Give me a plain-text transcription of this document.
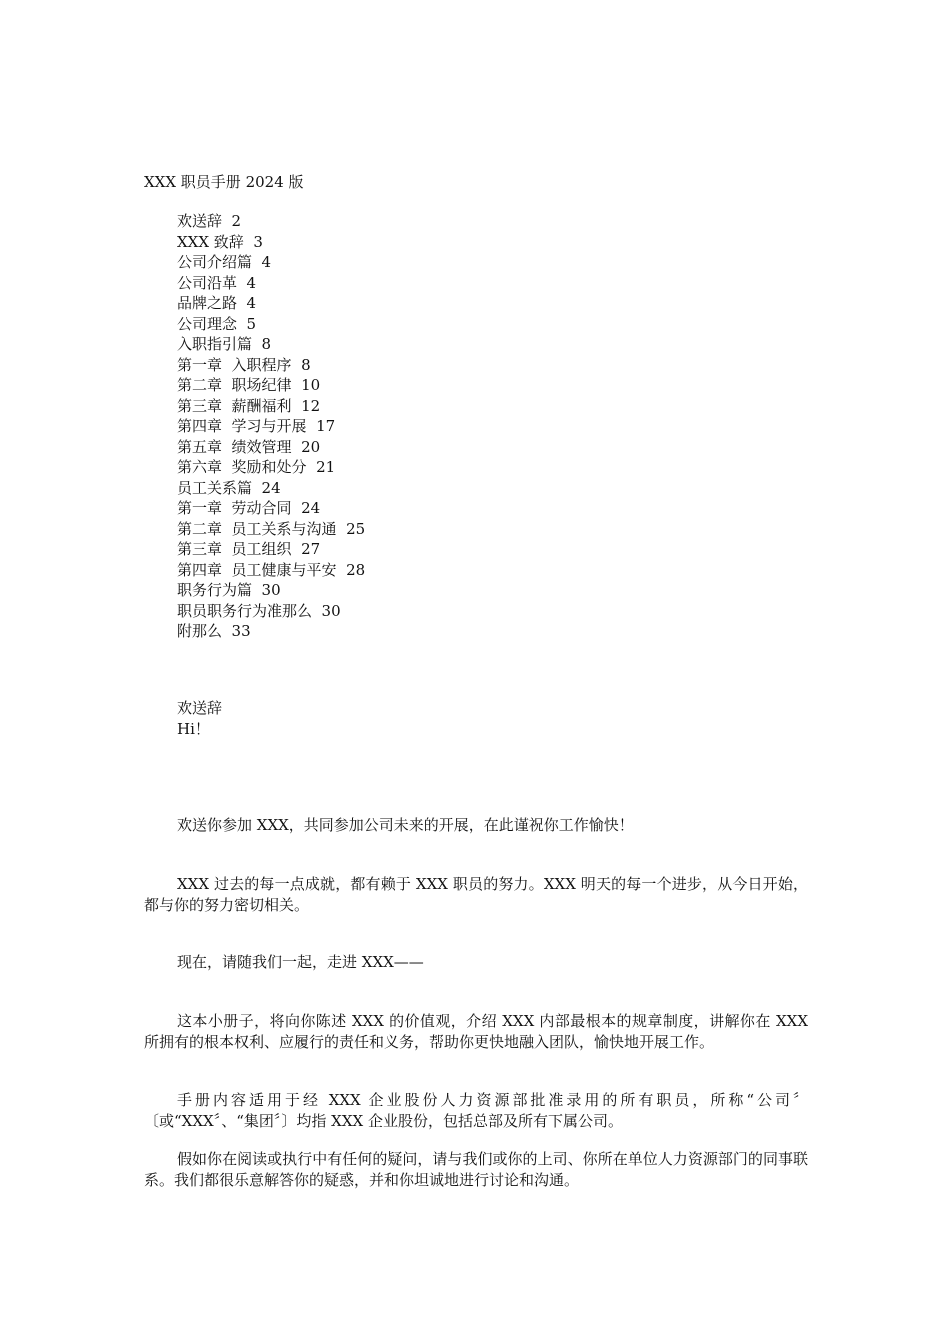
XXX 职员手册 2024 版
欢送辞  2
XXX 致辞  3
公司介绍篇  4
公司沿革  4
品牌之路  4
公司理念  5
入职指引篇  8
第一章  入职程序  8
第二章  职场纪律  10
第三章  薪酬福利  12
第四章  学习与开展  17
第五章  绩效管理  20
第六章  奖励和处分  21
员工关系篇  24
第一章  劳动合同  24
第二章  员工关系与沟通  25
第三章  员工组织  27
第四章  员工健康与平安  28
职务行为篇  30
职员职务行为准那么  30
附那么  33

欢送辞

Hi！

欢送你参加 XXX，共同参加公司未来的开展，在此谨祝你工作愉快！

XXX 过去的每一点成就，都有赖于 XXX 职员的努力。XXX 明天的每一个进步，从今日开始，都与你的努力密切相关。

现在，请随我们一起，走进 XXX——

这本小册子，将向你陈述 XXX 的价值观，介绍 XXX 内部最根本的规章制度，讲解你在 XXX 所拥有的根本权利、应履行的责任和义务，帮助你更快地融入团队，愉快地开展工作。

手册内容适用于经 XXX 企业股份人力资源部批准录用的所有职员，所称“公司〞〔或“XXX〞、“集团〞〕均指 XXX 企业股份，包括总部及所有下属公司。

假如你在阅读或执行中有任何的疑问，请与我们或你的上司、你所在单位人力资源部门的同事联系。我们都很乐意解答你的疑惑，并和你坦诚地进行讨论和沟通。
